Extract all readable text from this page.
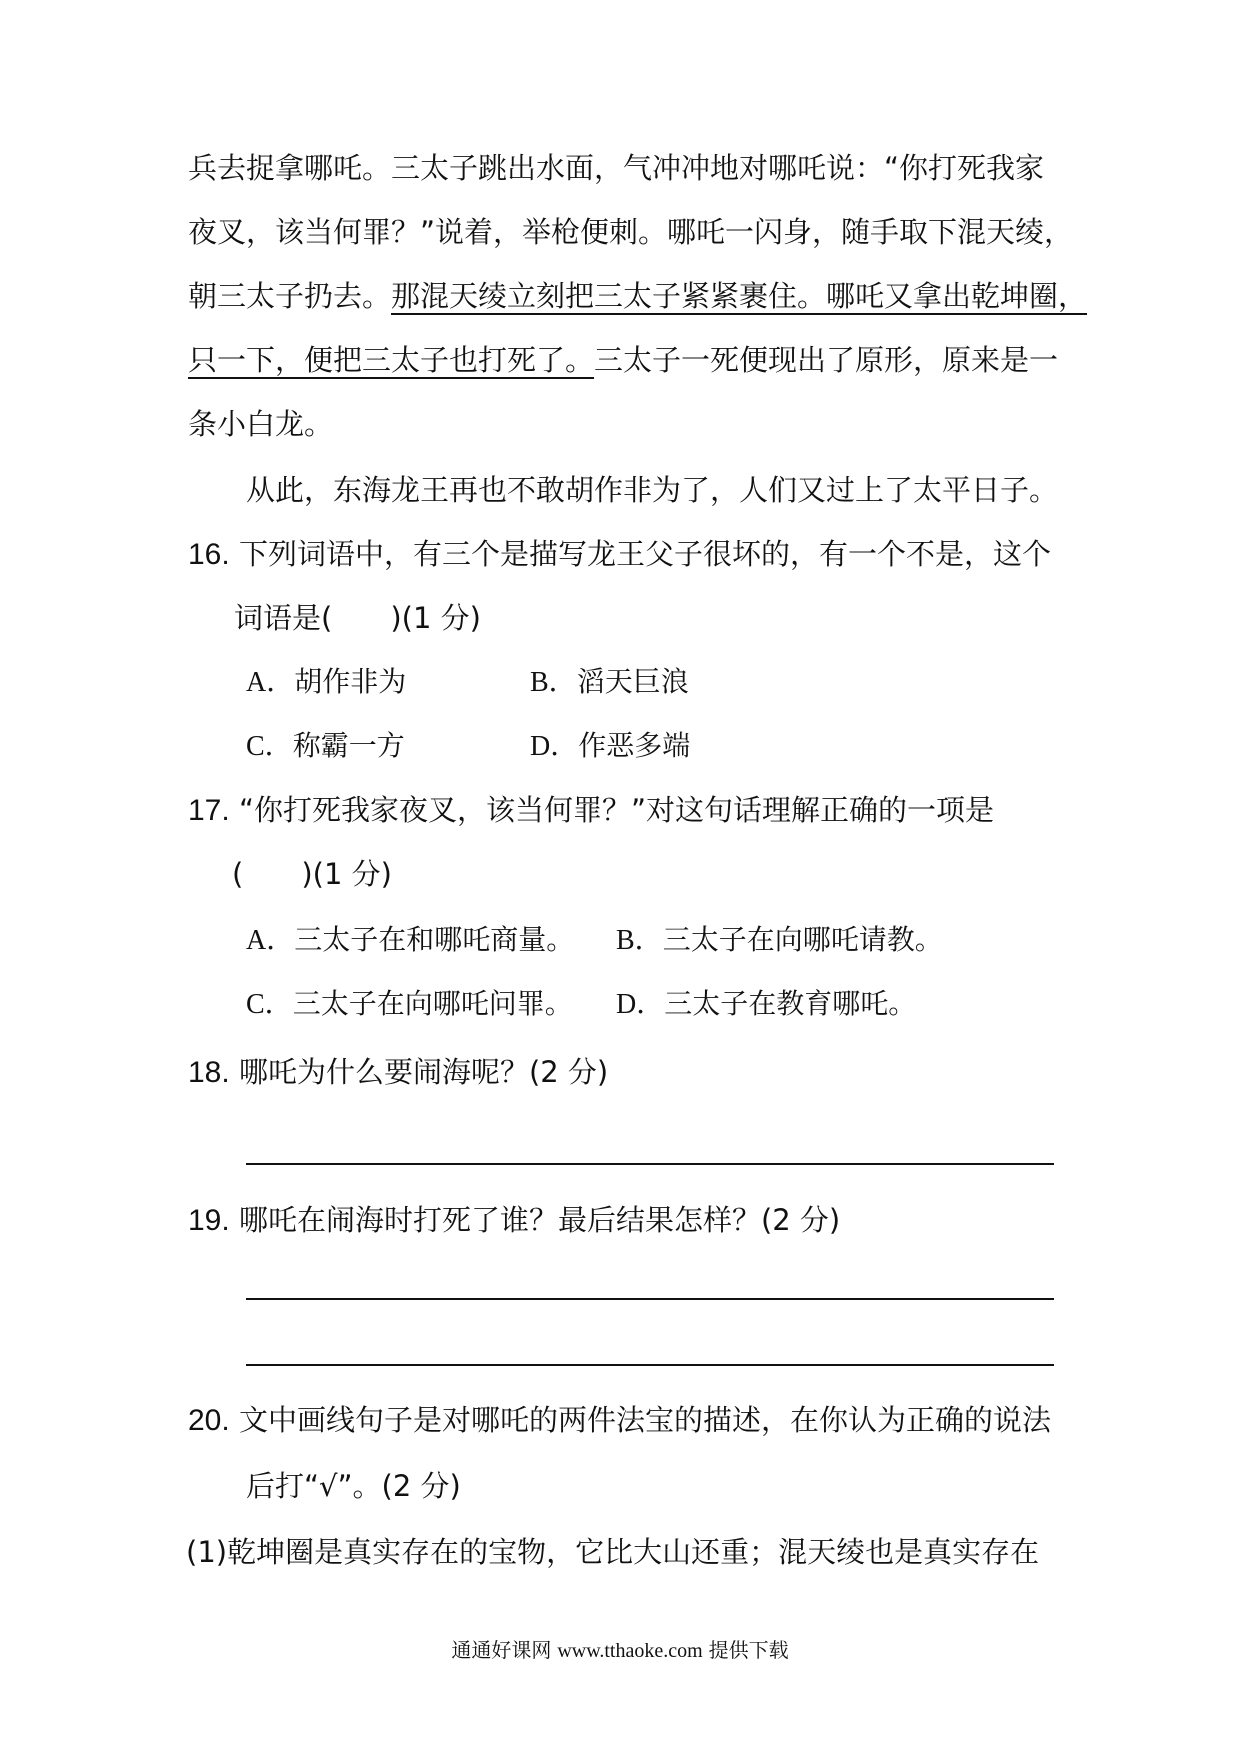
兵去捉拿哪吒。三太子跳出水面，气冲冲地对哪吒说：“你打死我家
夜叉，该当何罪？”说着，举枪便刺。哪吒一闪身，随手取下混天绫，
朝三太子扔去。那混天绫立刻把三太子紧紧裹住。哪吒又拿出乾坤圈，
只一下，便把三太子也打死了。三太子一死便现出了原形，原来是一
条小白龙。
从此，东海龙王再也不敢胡作非为了，人们又过上了太平日子。
16. 下列词语中，有三个是描写龙王父子很坏的，有一个不是，这个
词语是(　　)(1 分)
A．胡作非为	B．滔天巨浪
C．称霸一方	D．作恶多端
17. “你打死我家夜叉，该当何罪？”对这句话理解正确的一项是
(　　)(1 分)
A．三太子在和哪吒商量。 B．三太子在向哪吒请教。
C．三太子在向哪吒问罪。 D．三太子在教育哪吒。
18. 哪吒为什么要闹海呢？(2 分)
19. 哪吒在闹海时打死了谁？最后结果怎样？(2 分)
20. 文中画线句子是对哪吒的两件法宝的描述，在你认为正确的说法
后打“√”。(2 分)
(1)乾坤圈是真实存在的宝物，它比大山还重；混天绫也是真实存在
通通好课网 www.tthaoke.com 提供下载
